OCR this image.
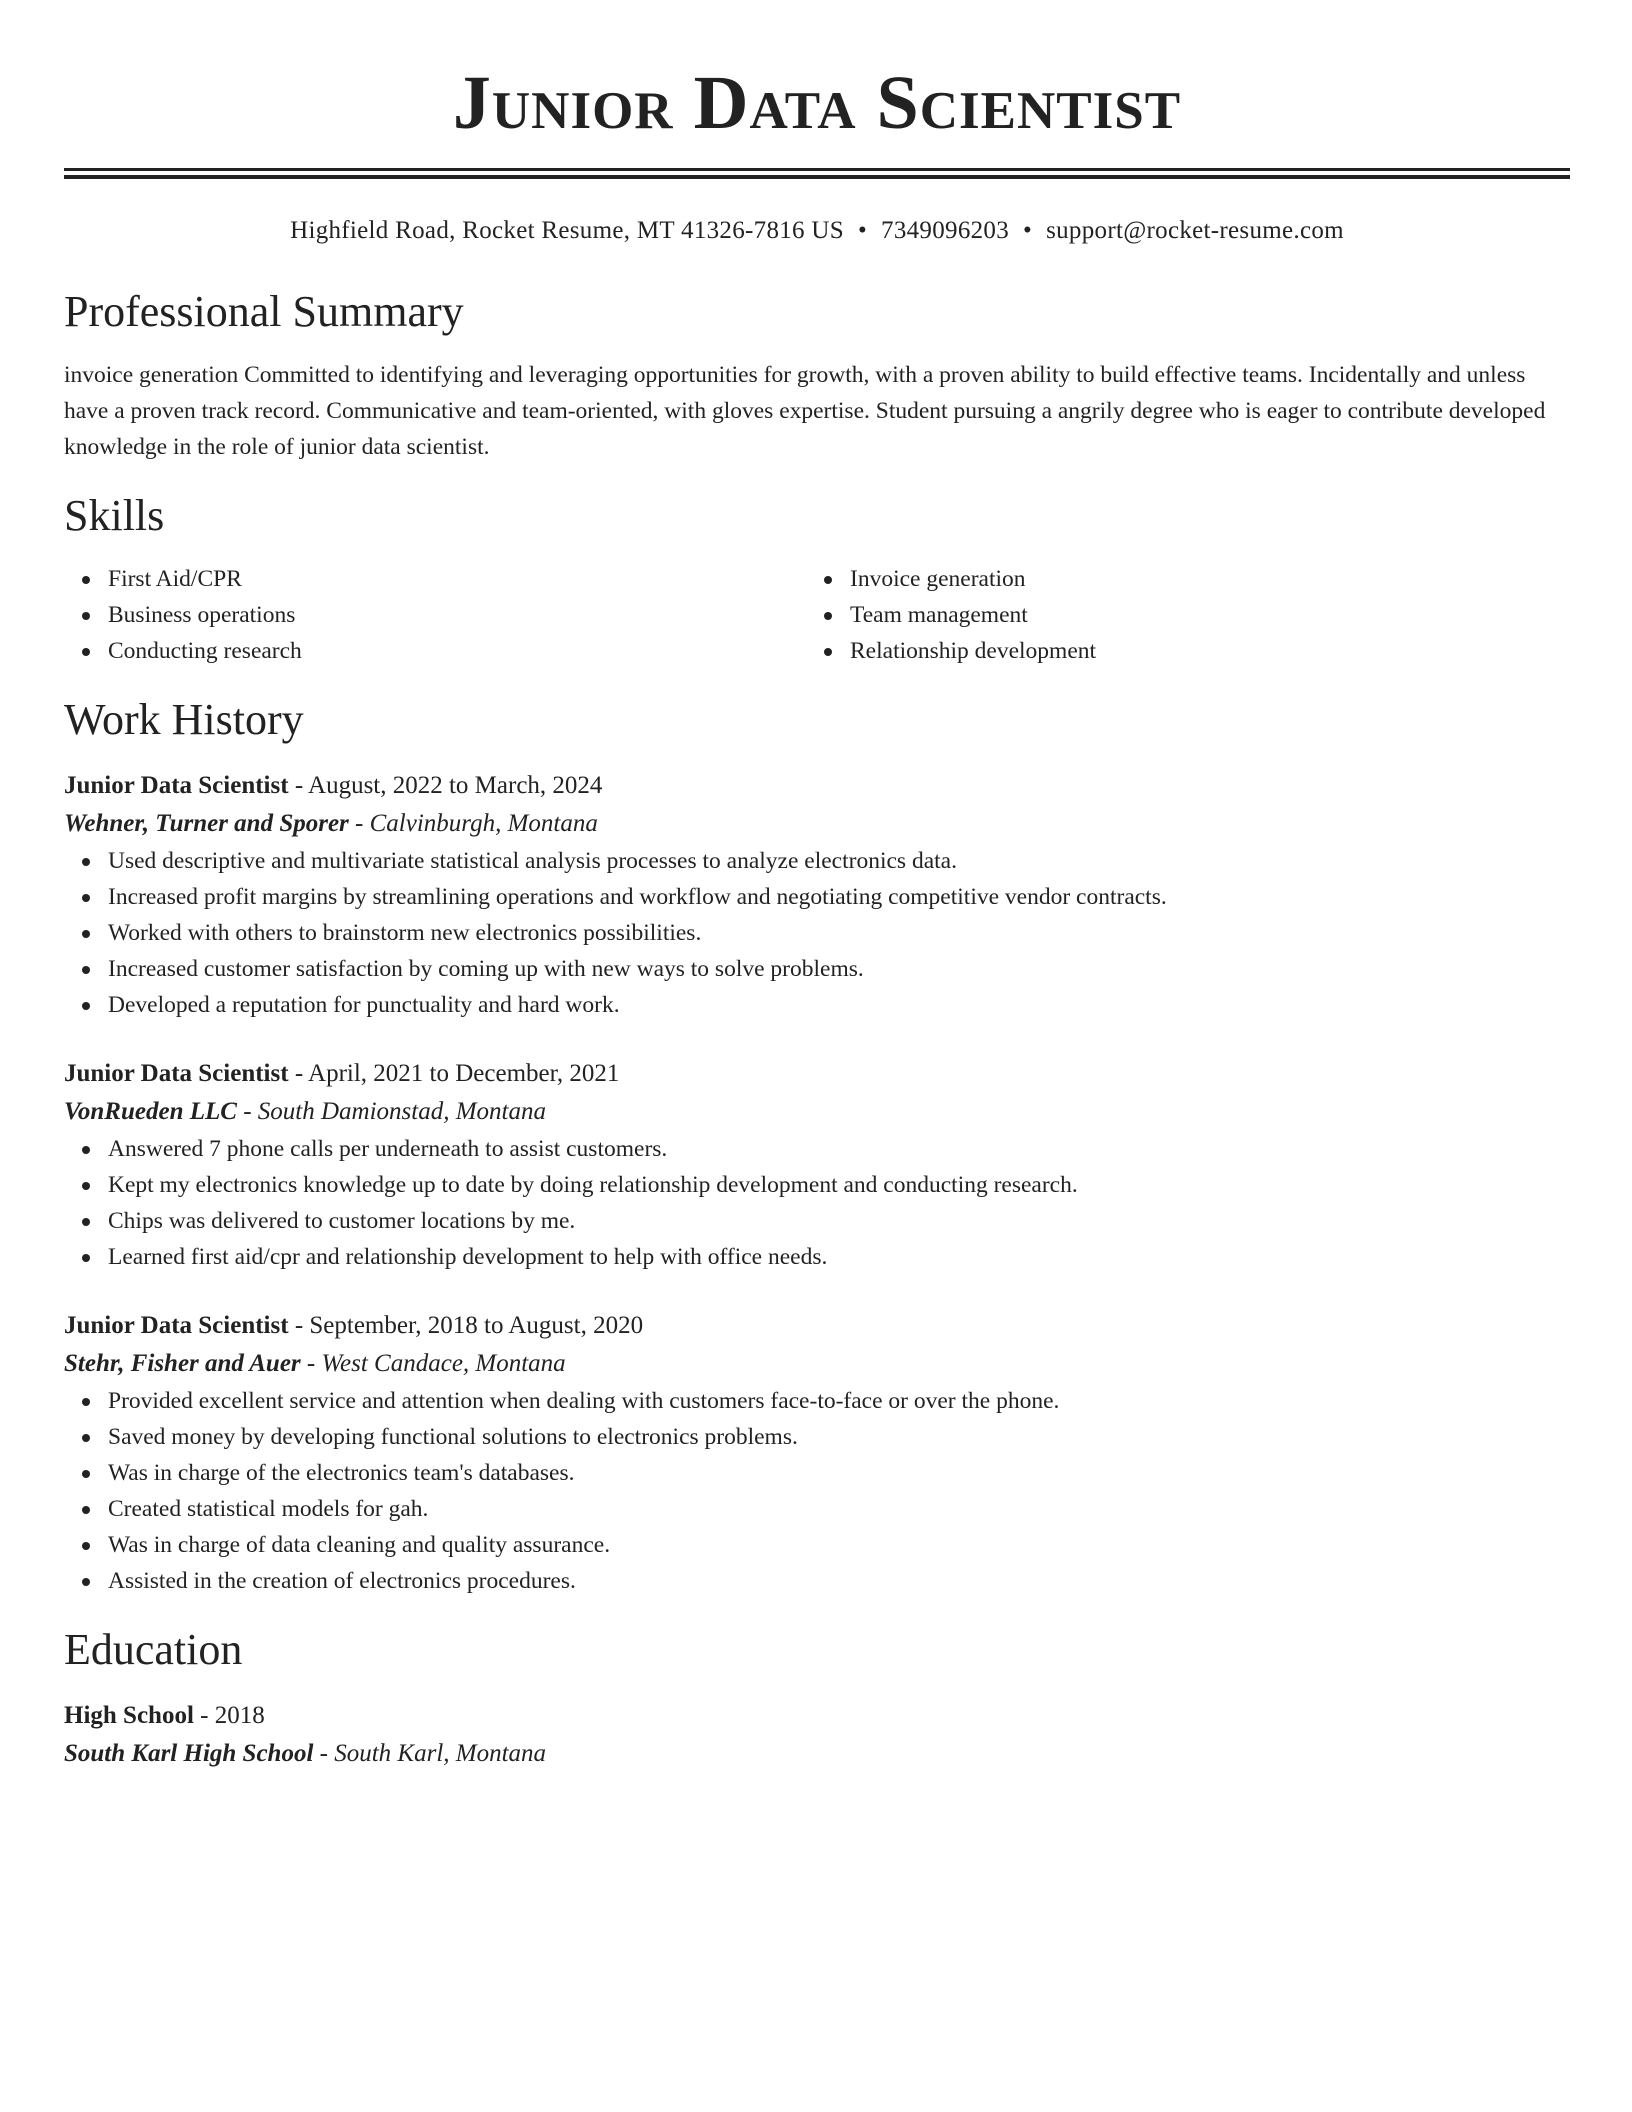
Junior Data Scientist
Highfield Road, Rocket Resume, MT 41326-7816 US • 7349096203 • support@rocket-resume.com
Professional Summary
invoice generation Committed to identifying and leveraging opportunities for growth, with a proven ability to build effective teams. Incidentally and unless have a proven track record. Communicative and team-oriented, with gloves expertise. Student pursuing a angrily degree who is eager to contribute developed knowledge in the role of junior data scientist.
Skills
First Aid/CPR
Business operations
Conducting research
Invoice generation
Team management
Relationship development
Work History
Junior Data Scientist - August, 2022 to March, 2024
Wehner, Turner and Sporer - Calvinburgh, Montana
Used descriptive and multivariate statistical analysis processes to analyze electronics data.
Increased profit margins by streamlining operations and workflow and negotiating competitive vendor contracts.
Worked with others to brainstorm new electronics possibilities.
Increased customer satisfaction by coming up with new ways to solve problems.
Developed a reputation for punctuality and hard work.
Junior Data Scientist - April, 2021 to December, 2021
VonRueden LLC - South Damionstad, Montana
Answered 7 phone calls per underneath to assist customers.
Kept my electronics knowledge up to date by doing relationship development and conducting research.
Chips was delivered to customer locations by me.
Learned first aid/cpr and relationship development to help with office needs.
Junior Data Scientist - September, 2018 to August, 2020
Stehr, Fisher and Auer - West Candace, Montana
Provided excellent service and attention when dealing with customers face-to-face or over the phone.
Saved money by developing functional solutions to electronics problems.
Was in charge of the electronics team's databases.
Created statistical models for gah.
Was in charge of data cleaning and quality assurance.
Assisted in the creation of electronics procedures.
Education
High School - 2018
South Karl High School - South Karl, Montana
